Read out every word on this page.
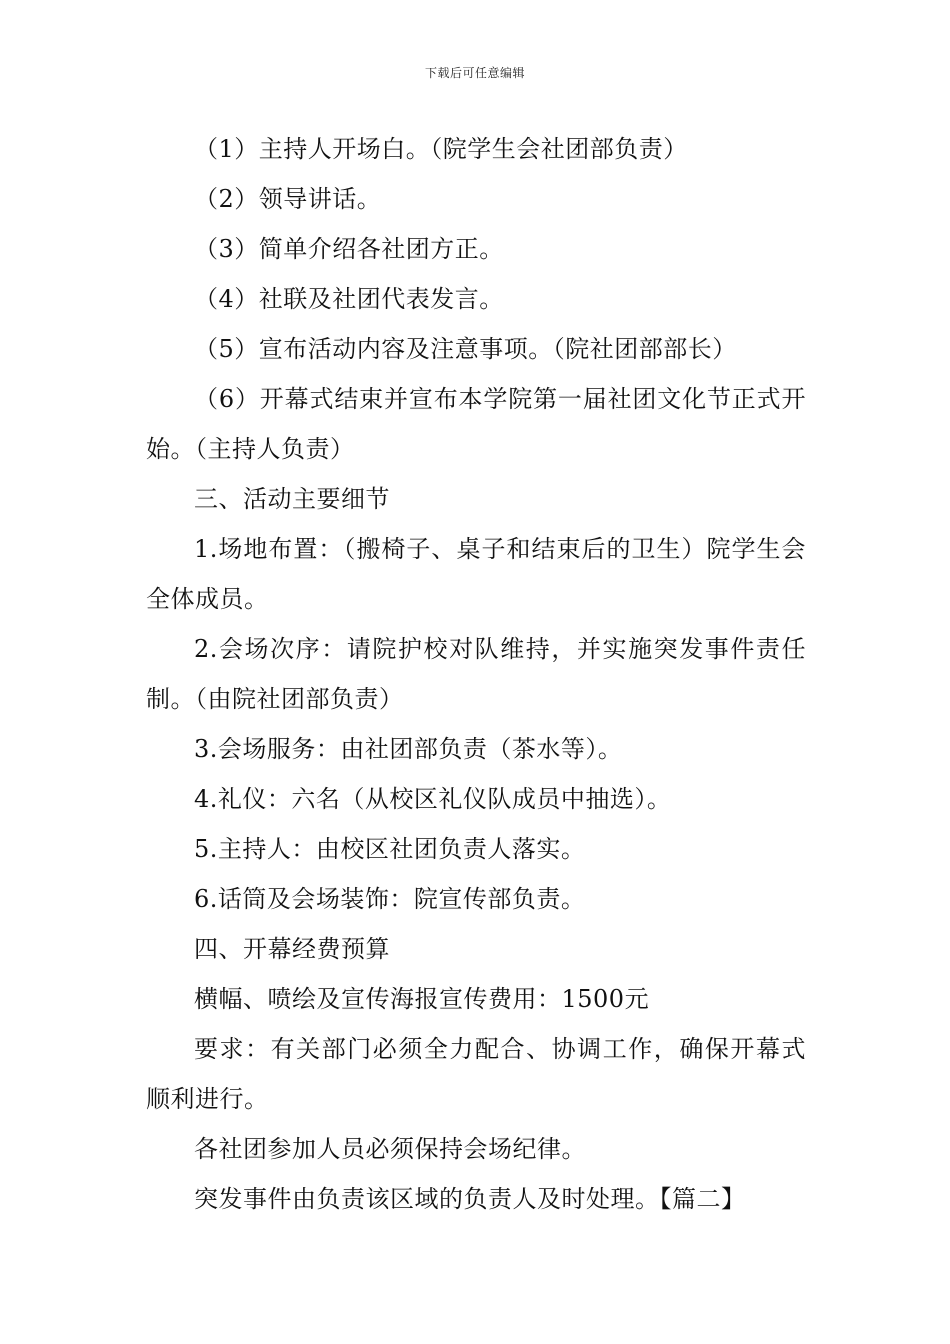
下载后可任意编辑

（1）主持人开场白。（院学生会社团部负责）

（2）领导讲话。

（3）简单介绍各社团方正。

（4）社联及社团代表发言。

（5）宣布活动内容及注意事项。（院社团部部长）

（6）开幕式结束并宣布本学院第一届社团文化节正式开始。（主持人负责）

三、活动主要细节

1.场地布置：（搬椅子、桌子和结束后的卫生）院学生会全体成员。

2.会场次序：请院护校对队维持，并实施突发事件责任制。（由院社团部负责）

3.会场服务：由社团部负责（茶水等）。

4.礼仪：六名（从校区礼仪队成员中抽选）。

5.主持人：由校区社团负责人落实。

6.话筒及会场装饰：院宣传部负责。

四、开幕经费预算

横幅、喷绘及宣传海报宣传费用：1500元

要求：有关部门必须全力配合、协调工作，确保开幕式顺利进行。

各社团参加人员必须保持会场纪律。

突发事件由负责该区域的负责人及时处理。【篇二】
